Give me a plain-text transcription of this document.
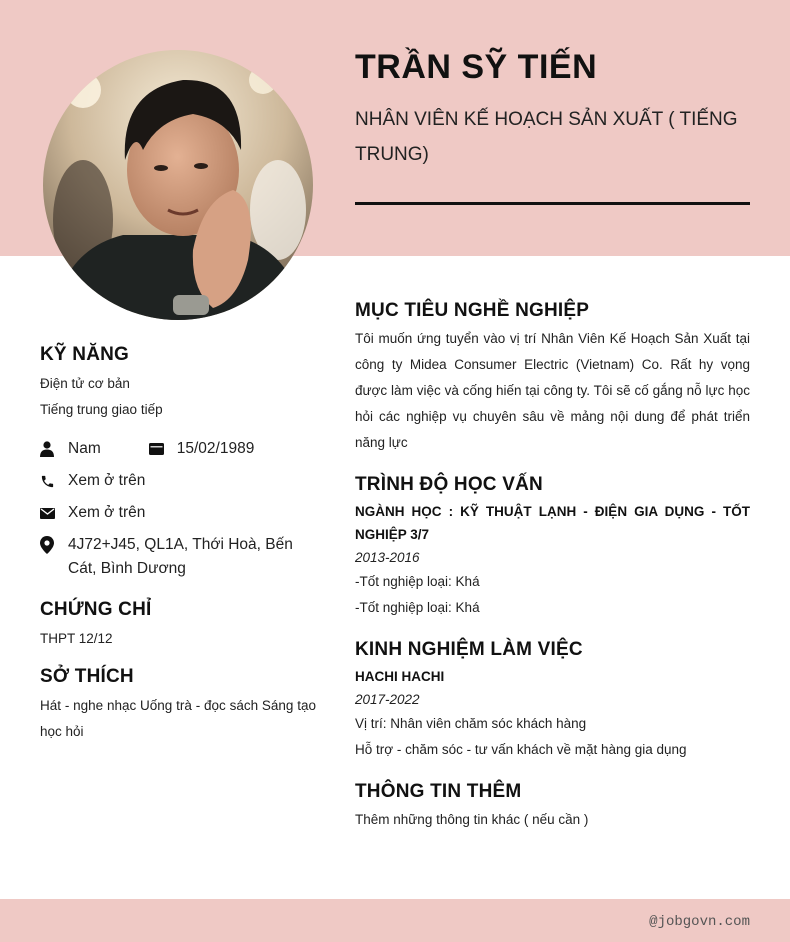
TRẦN SỸ TIẾN
NHÂN VIÊN KẾ HOẠCH SẢN XUẤT ( TIẾNG TRUNG)
KỸ NĂNG
Điện tử cơ bản
Tiếng trung giao tiếp
Nam	15/02/1989
Xem ở trên
Xem ở trên
4J72+J45, QL1A, Thới Hoà, Bến Cát, Bình Dương
CHỨNG CHỈ
THPT 12/12
SỞ THÍCH
Hát - nghe nhạc Uống trà - đọc sách Sáng tạo học hỏi
MỤC TIÊU NGHỀ NGHIỆP
Tôi muốn ứng tuyển vào vị trí Nhân Viên Kế Hoạch Sản Xuất tại công ty Midea Consumer Electric (Vietnam) Co. Rất hy vọng được làm việc và cống hiến tại công ty. Tôi sẽ cố gắng nỗ lực học hỏi các nghiệp vụ chuyên sâu về mảng nội dung để phát triển năng lực
TRÌNH ĐỘ HỌC VẤN
NGÀNH HỌC : KỸ THUẬT LẠNH - ĐIỆN GIA DỤNG - TỐT NGHIỆP 3/7
2013-2016
-Tốt nghiệp loại: Khá
-Tốt nghiệp loại: Khá
KINH NGHIỆM LÀM VIỆC
HACHI HACHI
2017-2022
Vị trí: Nhân viên chăm sóc khách hàng
Hỗ trợ - chăm sóc - tư vấn khách về mặt hàng gia dụng
THÔNG TIN THÊM
Thêm những thông tin khác ( nếu cần )
@jobgovn.com
